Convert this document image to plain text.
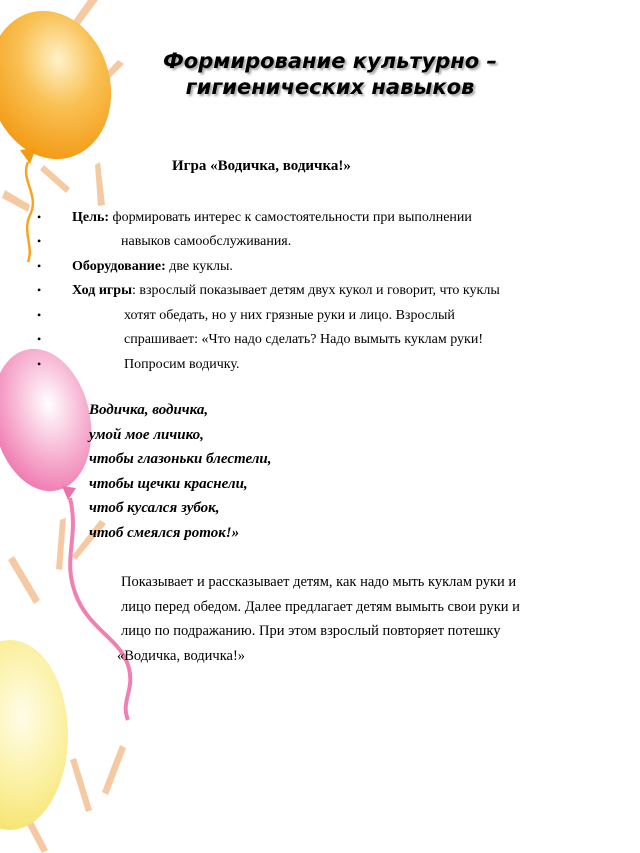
Формирование культурно –
гигиенических навыков
Игра «Водичка, водичка!»
• Цель: формировать интерес к самостоятельности при выполнении
•	навыков самообслуживания.
• Оборудование: две куклы.
• Ход игры: взрослый показывает детям двух кукол и говорит, что куклы
•	хотят обедать, но у них грязные руки и лицо. Взрослый
•	спрашивает: «Что надо сделать? Надо вымыть куклам руки!
•	Попросим водичку.
Водичка, водичка,
умой мое личико,
чтобы глазоньки блестели,
чтобы щечки краснели,
чтоб кусался зубок,
чтоб смеялся роток!»
Показывает и рассказывает детям, как надо мыть куклам руки и
лицо перед обедом. Далее предлагает детям вымыть свои руки и
лицо по подражанию. При этом взрослый повторяет потешку
«Водичка, водичка!»
